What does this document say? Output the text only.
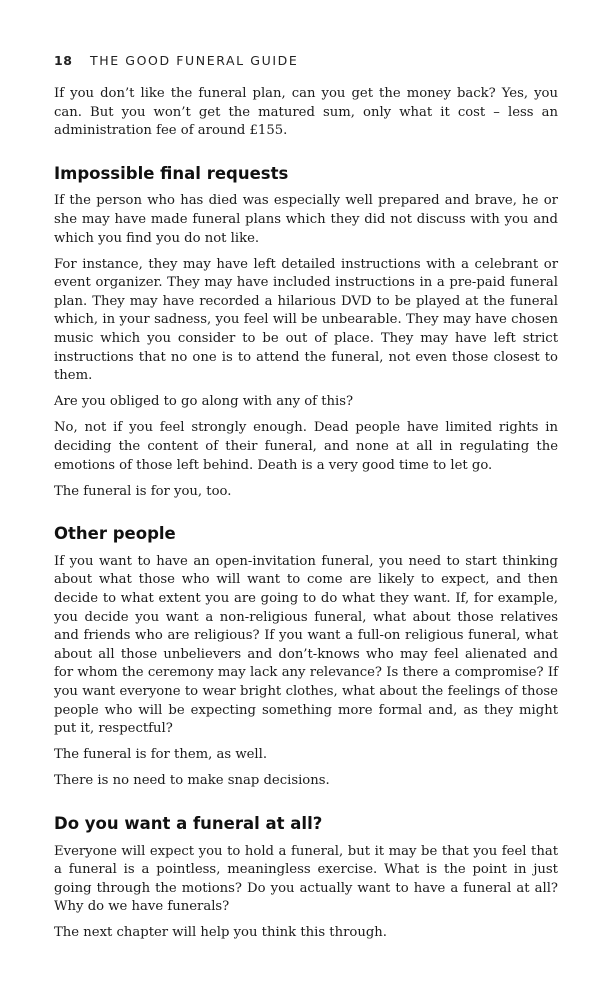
18 THE GOOD FUNERAL GUIDE

If you don’t like the funeral plan, can you get the money back? Yes, you can. But you won’t get the matured sum, only what it cost – less an administration fee of around £155.

Impossible final requests

If the person who has died was especially well prepared and brave, he or she may have made funeral plans which they did not discuss with you and which you find you do not like.

For instance, they may have left detailed instructions with a celebrant or event organizer. They may have included instructions in a pre-paid funeral plan. They may have recorded a hilarious DVD to be played at the funeral which, in your sadness, you feel will be unbearable. They may have chosen music which you consider to be out of place. They may have left strict instructions that no one is to attend the funeral, not even those closest to them.

Are you obliged to go along with any of this?

No, not if you feel strongly enough. Dead people have limited rights in deciding the content of their funeral, and none at all in regulating the emotions of those left behind. Death is a very good time to let go.

The funeral is for you, too.

Other people

If you want to have an open-invitation funeral, you need to start thinking about what those who will want to come are likely to expect, and then decide to what extent you are going to do what they want. If, for example, you decide you want a non-religious funeral, what about those relatives and friends who are religious? If you want a full-on religious funeral, what about all those unbelievers and don’t-knows who may feel alienated and for whom the ceremony may lack any relevance? Is there a compromise? If you want everyone to wear bright clothes, what about the feelings of those people who will be expecting something more formal and, as they might put it, respectful?

The funeral is for them, as well.

There is no need to make snap decisions.

Do you want a funeral at all?

Everyone will expect you to hold a funeral, but it may be that you feel that a funeral is a pointless, meaningless exercise. What is the point in just going through the motions? Do you actually want to have a funeral at all? Why do we have funerals?

The next chapter will help you think this through.
